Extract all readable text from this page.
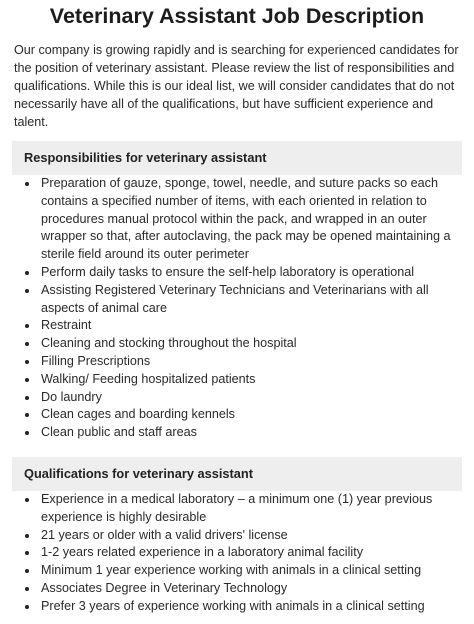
Veterinary Assistant Job Description

Our company is growing rapidly and is searching for experienced candidates for the position of veterinary assistant. Please review the list of responsibilities and qualifications. While this is our ideal list, we will consider candidates that do not necessarily have all of the qualifications, but have sufficient experience and talent.

Responsibilities for veterinary assistant
Preparation of gauze, sponge, towel, needle, and suture packs so each contains a specified number of items, with each oriented in relation to procedures manual protocol within the pack, and wrapped in an outer wrapper so that, after autoclaving, the pack may be opened maintaining a sterile field around its outer perimeter
Perform daily tasks to ensure the self-help laboratory is operational
Assisting Registered Veterinary Technicians and Veterinarians with all aspects of animal care
Restraint
Cleaning and stocking throughout the hospital
Filling Prescriptions
Walking/ Feeding hospitalized patients
Do laundry
Clean cages and boarding kennels
Clean public and staff areas
Qualifications for veterinary assistant
Experience in a medical laboratory – a minimum one (1) year previous experience is highly desirable
21 years or older with a valid drivers' license
1-2 years related experience in a laboratory animal facility
Minimum 1 year experience working with animals in a clinical setting
Associates Degree in Veterinary Technology
Prefer 3 years of experience working with animals in a clinical setting
